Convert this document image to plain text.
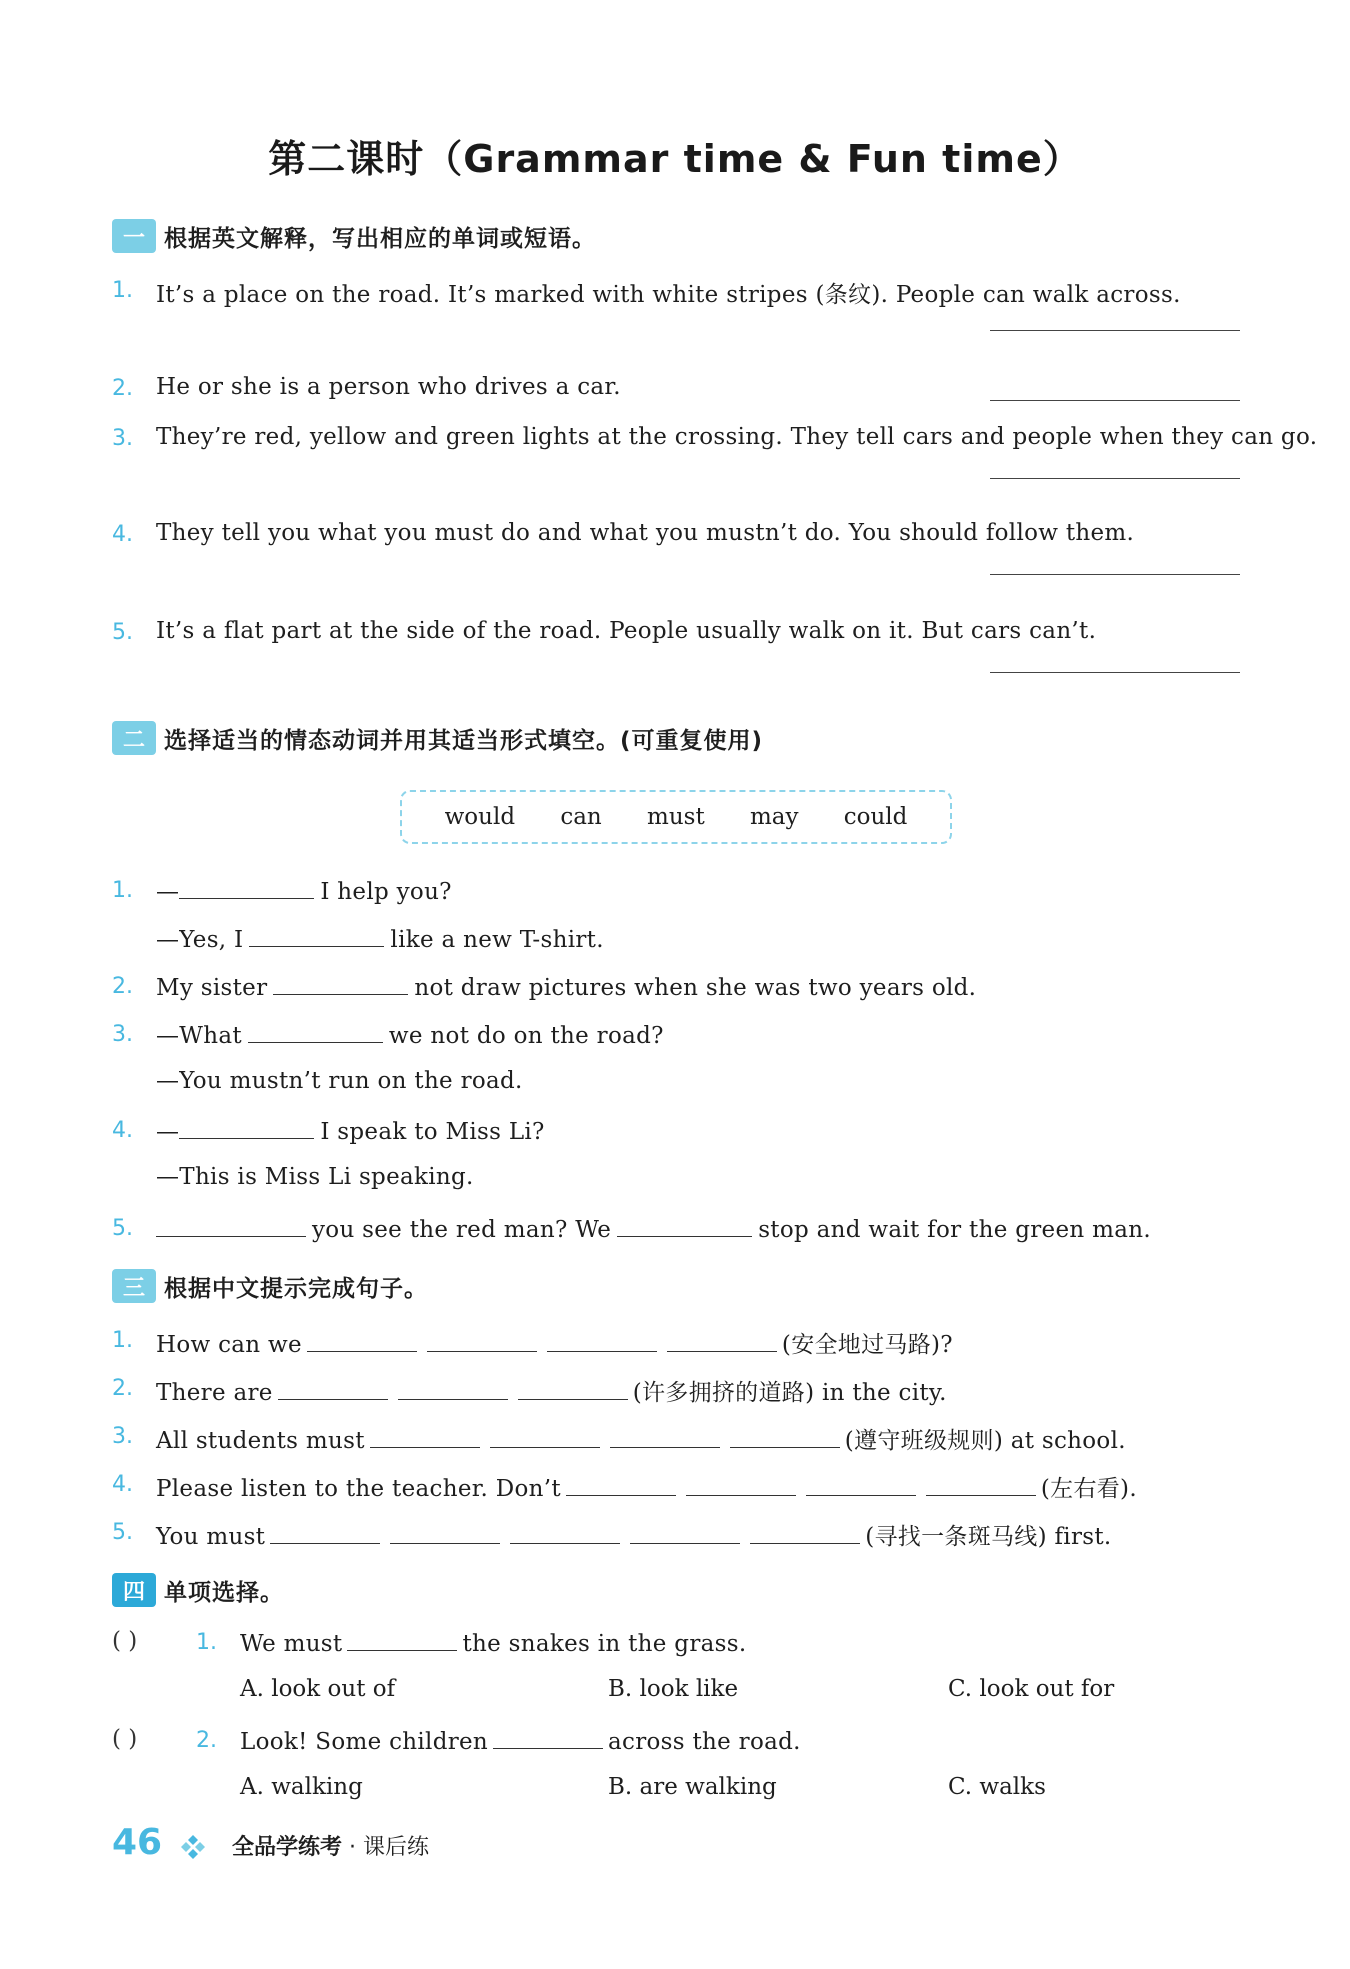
第二课时（Grammar time & Fun time）
一 根据英文解释，写出相应的单词或短语。
1. It’s a place on the road. It’s marked with white stripes (条纹). People can walk across.
2. He or she is a person who drives a car.
3. They’re red, yellow and green lights at the crossing. They tell cars and people when they can go.
4. They tell you what you must do and what you mustn’t do. You should follow them.
5. It’s a flat part at the side of the road. People usually walk on it. But cars can’t.
二 选择适当的情态动词并用其适当形式填空。(可重复使用)
would can must may could
1. —	I help you?
—Yes, I	like a new T-shirt.
2. My sister	not draw pictures when she was two years old.
3. —What	we not do on the road?
—You mustn’t run on the road.
4. —	I speak to Miss Li?
—This is Miss Li speaking.
5.	you see the red man? We	stop and wait for the green man.
三 根据中文提示完成句子。
1. How can we	(安全地过马路)?
2. There are	(许多拥挤的道路) in the city.
3. All students must	(遵守班级规则) at school.
4. Please listen to the teacher. Don’t	(左右看).
5. You must	(寻找一条斑马线) first.
四 单项选择。
( )	1. We must	the snakes in the grass.
A. look out of	B. look like	C. look out for
( )	2. Look! Some children	across the road.
A. walking	B. are walking	C. walks
46	全品学练考 · 课后练
